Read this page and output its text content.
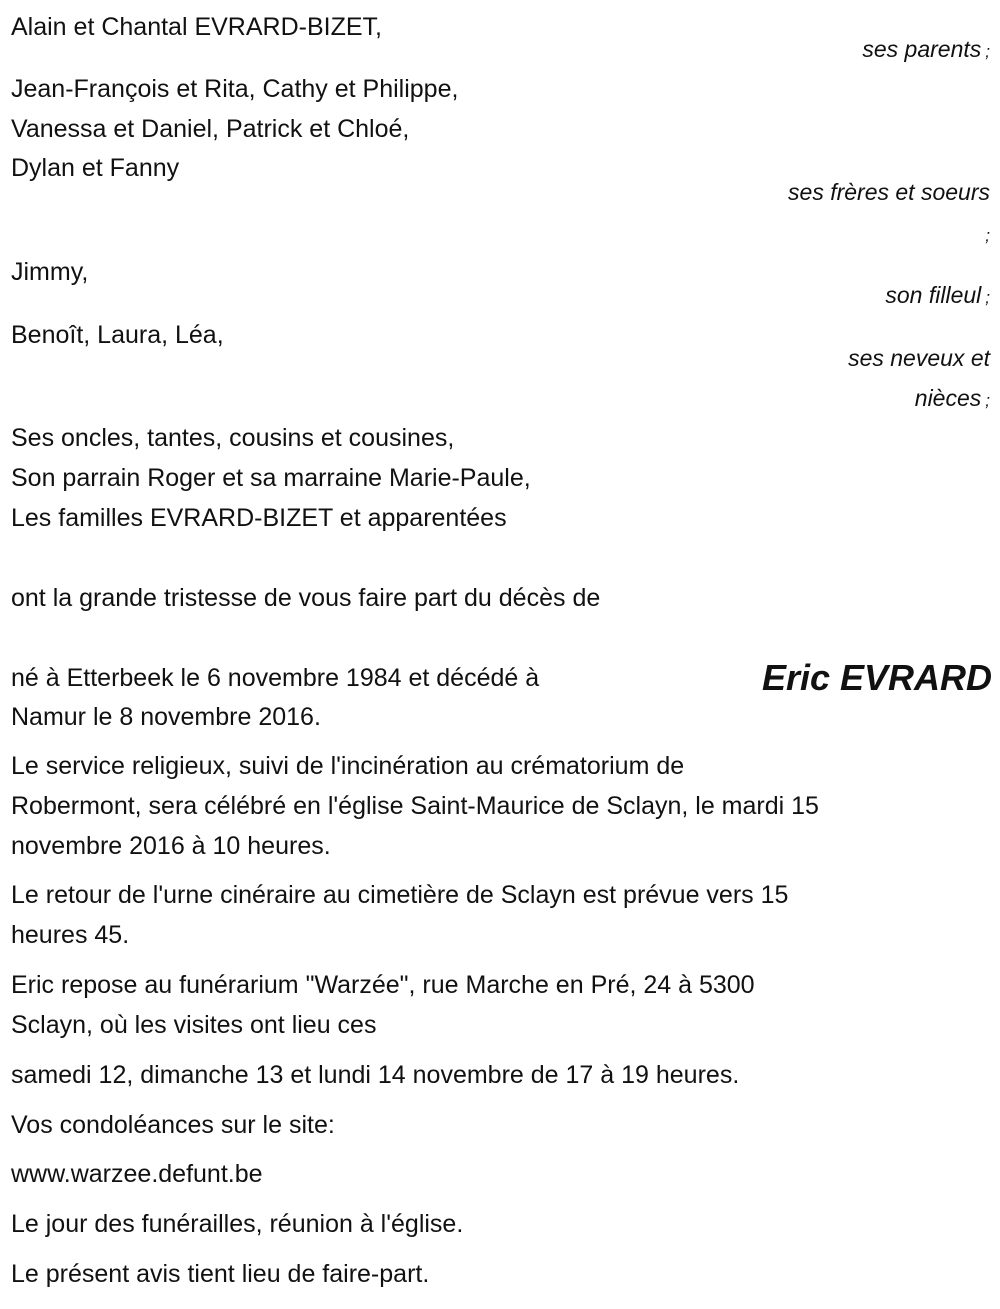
Alain et Chantal EVRARD-BIZET,
ses parents ;
Jean-François et Rita, Cathy et Philippe,
Vanessa et Daniel, Patrick et Chloé,
Dylan et Fanny
ses frères et soeurs
;
Jimmy,
son filleul ;
Benoît, Laura, Léa,
ses neveux et
nièces ;
Ses oncles, tantes, cousins et cousines,
Son parrain Roger et sa marraine Marie-Paule,
Les familles EVRARD-BIZET et apparentées
ont la grande tristesse de vous faire part du décès de
Eric EVRARD
né à Etterbeek le 6 novembre 1984 et décédé à
Namur le 8 novembre 2016.
Le service religieux, suivi de l'incinération au crématorium de
Robermont, sera célébré en l'église Saint-Maurice de Sclayn, le mardi 15
novembre 2016 à 10 heures.
Le retour de l'urne cinéraire au cimetière de Sclayn est prévue vers 15
heures 45.
Eric repose au funérarium "Warzée", rue Marche en Pré, 24 à 5300
Sclayn, où les visites ont lieu ces
samedi 12, dimanche 13 et lundi 14 novembre de 17 à 19 heures.
Vos condoléances sur le site:
www.warzee.defunt.be
Le jour des funérailles, réunion à l'église.
Le présent avis tient lieu de faire-part.
